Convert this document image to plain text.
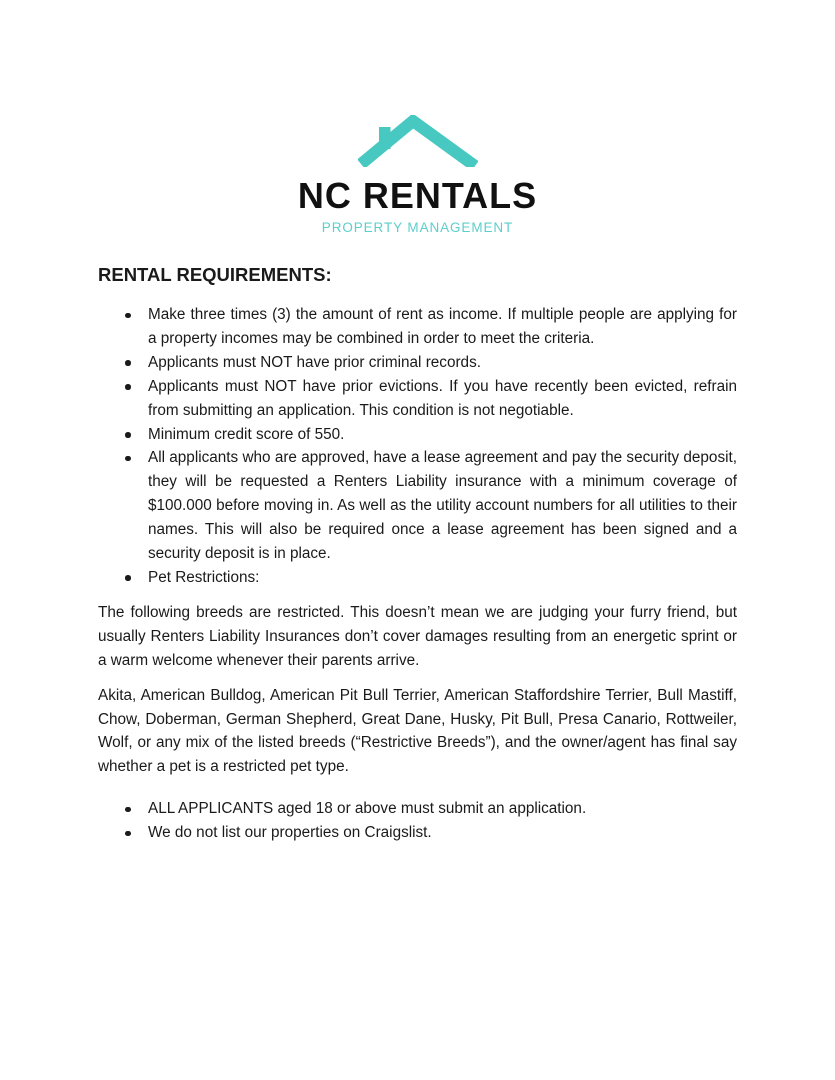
NC RENTALS
PROPERTY MANAGEMENT
RENTAL REQUIREMENTS:
Make three times (3) the amount of rent as income. If multiple people are applying for a property incomes may be combined in order to meet the criteria.
Applicants must NOT have prior criminal records.
Applicants must NOT have prior evictions. If you have recently been evicted, refrain from submitting an application. This condition is not negotiable.
Minimum credit score of 550.
All applicants who are approved, have a lease agreement and pay the security deposit, they will be requested a Renters Liability insurance with a minimum coverage of $100.000 before moving in. As well as the utility account numbers for all utilities to their names. This will also be required once a lease agreement has been signed and a security deposit is in place.
Pet Restrictions:

The following breeds are restricted. This doesn’t mean we are judging your furry friend, but usually Renters Liability Insurances don’t cover damages resulting from an energetic sprint or a warm welcome whenever their parents arrive.

Akita, American Bulldog, American Pit Bull Terrier, American Staffordshire Terrier, Bull Mastiff, Chow, Doberman, German Shepherd, Great Dane, Husky, Pit Bull, Presa Canario, Rottweiler, Wolf, or any mix of the listed breeds (“Restrictive Breeds”), and the owner/agent has final say whether a pet is a restricted pet type.

ALL APPLICANTS aged 18 or above must submit an application.
We do not list our properties on Craigslist.
